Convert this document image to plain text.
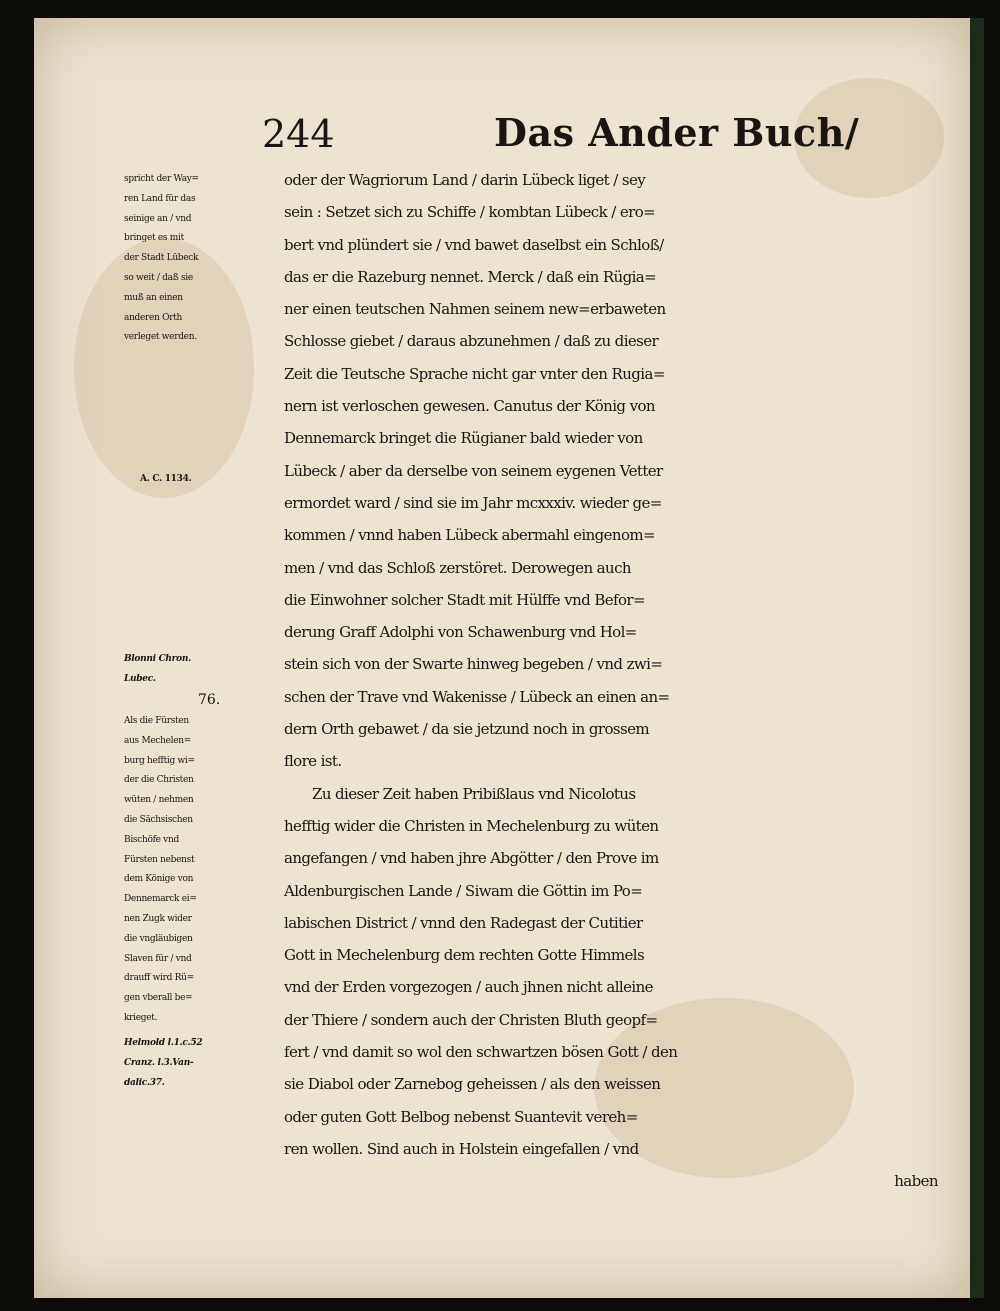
244	Das Ander Buch/
spricht der Way=
ren Land für das
seinige an / vnd
bringet es mit
der Stadt Lübeck
so weit / daß sie
muß an einen
anderen Orth
verleget werden.
A. C. 1134.
Blonni Chron.
Lubec.
76.
Als die Fürsten
aus Mechelen=
burg hefftig wi=
der die Christen
wüten / nehmen
die Sächsischen
Bischöfe vnd
Fürsten nebenst
dem Könige von
Dennemarck ei=
nen Zugk wider
die vngläubigen
Slaven für / vnd
drauff wird Rü=
gen vberall be=
krieget.
Helmold l.1.c.52
Cranz. l.3.Van-
dalic.37.
oder der Wagriorum Land / darin Lübeck liget / sey
sein : Setzet sich zu Schiffe / kombtan Lübeck / ero=
bert vnd plündert sie / vnd bawet daselbst ein Schloß/
das er die Razeburg nennet. Merck / daß ein Rügia=
ner einen teutschen Nahmen seinem new=erbaweten
Schlosse giebet / daraus abzunehmen / daß zu dieser
Zeit die Teutsche Sprache nicht gar vnter den Rugia=
nern ist verloschen gewesen. Canutus der König von
Dennemarck bringet die Rügianer bald wieder von
Lübeck / aber da derselbe von seinem eygenen Vetter
ermordet ward / sind sie im Jahr mcxxxiv. wieder ge=
kommen / vnnd haben Lübeck abermahl eingenom=
men / vnd das Schloß zerstöret. Derowegen auch
die Einwohner solcher Stadt mit Hülffe vnd Befor=
derung Graff Adolphi von Schawenburg vnd Hol=
stein sich von der Swarte hinweg begeben / vnd zwi=
schen der Trave vnd Wakenisse / Lübeck an einen an=
dern Orth gebawet / da sie jetzund noch in grossem
flore ist.
Zu dieser Zeit haben Pribißlaus vnd Nicolotus
hefftig wider die Christen in Mechelenburg zu wüten
angefangen / vnd haben jhre Abgötter / den Prove im
Aldenburgischen Lande / Siwam die Göttin im Po=
labischen District / vnnd den Radegast der Cutitier
Gott in Mechelenburg dem rechten Gotte Himmels
vnd der Erden vorgezogen / auch jhnen nicht alleine
der Thiere / sondern auch der Christen Bluth geopf=
fert / vnd damit so wol den schwartzen bösen Gott / den
sie Diabol oder Zarnebog geheissen / als den weissen
oder guten Gott Belbog nebenst Suantevit vereh=
ren wollen. Sind auch in Holstein eingefallen / vnd
haben
